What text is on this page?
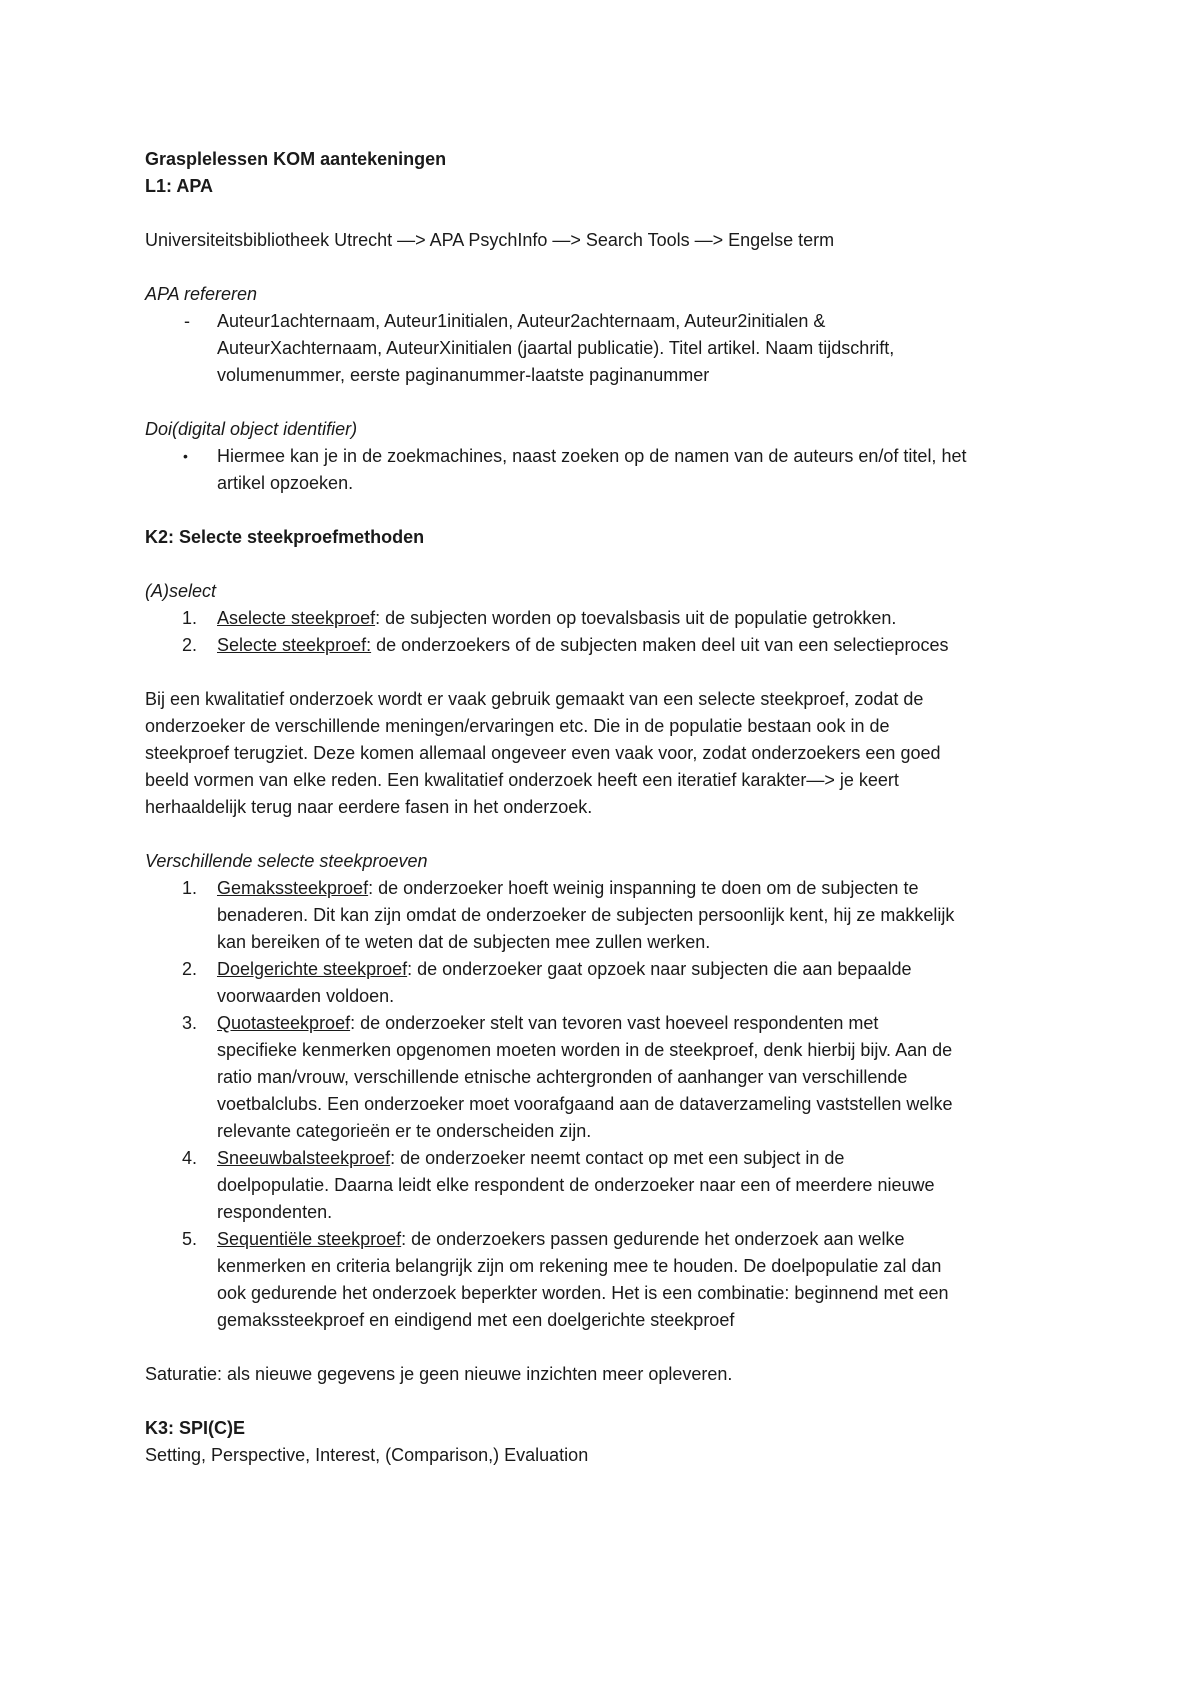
Grasplelessen KOM aantekeningen

L1: APA

Universiteitsbibliotheek Utrecht —> APA PsychInfo —> Search Tools —> Engelse term

APA refereren

-	Auteur1achternaam, Auteur1initialen, Auteur2achternaam, Auteur2initialen &
AuteurXachternaam, AuteurXinitialen (jaartal publicatie). Titel artikel. Naam tijdschrift,
volumenummer, eerste paginanummer-laatste paginanummer

Doi(digital object identifier)

•	Hiermee kan je in de zoekmachines, naast zoeken op de namen van de auteurs en/of titel, het
artikel opzoeken.

K2: Selecte steekproefmethoden

(A)select

1.	Aselecte steekproef: de subjecten worden op toevalsbasis uit de populatie getrokken.
2.	Selecte steekproef: de onderzoekers of de subjecten maken deel uit van een selectieproces

Bij een kwalitatief onderzoek wordt er vaak gebruik gemaakt van een selecte steekproef, zodat de

onderzoeker de verschillende meningen/ervaringen etc. Die in de populatie bestaan ook in de

steekproef terugziet. Deze komen allemaal ongeveer even vaak voor, zodat onderzoekers een goed

beeld vormen van elke reden. Een kwalitatief onderzoek heeft een iteratief karakter—> je keert

herhaaldelijk terug naar eerdere fasen in het onderzoek.

Verschillende selecte steekproeven

1.	Gemakssteekproef: de onderzoeker hoeft weinig inspanning te doen om de subjecten te
benaderen. Dit kan zijn omdat de onderzoeker de subjecten persoonlijk kent, hij ze makkelijk
kan bereiken of te weten dat de subjecten mee zullen werken.
2.	Doelgerichte steekproef: de onderzoeker gaat opzoek naar subjecten die aan bepaalde
voorwaarden voldoen.
3.	Quotasteekproef: de onderzoeker stelt van tevoren vast hoeveel respondenten met
specifieke kenmerken opgenomen moeten worden in de steekproef, denk hierbij bijv. Aan de
ratio man/vrouw, verschillende etnische achtergronden of aanhanger van verschillende
voetbalclubs. Een onderzoeker moet voorafgaand aan de dataverzameling vaststellen welke
relevante categorieën er te onderscheiden zijn.
4.	Sneeuwbalsteekproef: de onderzoeker neemt contact op met een subject in de
doelpopulatie. Daarna leidt elke respondent de onderzoeker naar een of meerdere nieuwe
respondenten.
5.	Sequentiële steekproef: de onderzoekers passen gedurende het onderzoek aan welke
kenmerken en criteria belangrijk zijn om rekening mee te houden. De doelpopulatie zal dan
ook gedurende het onderzoek beperkter worden. Het is een combinatie: beginnend met een
gemakssteekproef en eindigend met een doelgerichte steekproef

Saturatie: als nieuwe gegevens je geen nieuwe inzichten meer opleveren.

K3: SPI(C)E

Setting, Perspective, Interest, (Comparison,) Evaluation
